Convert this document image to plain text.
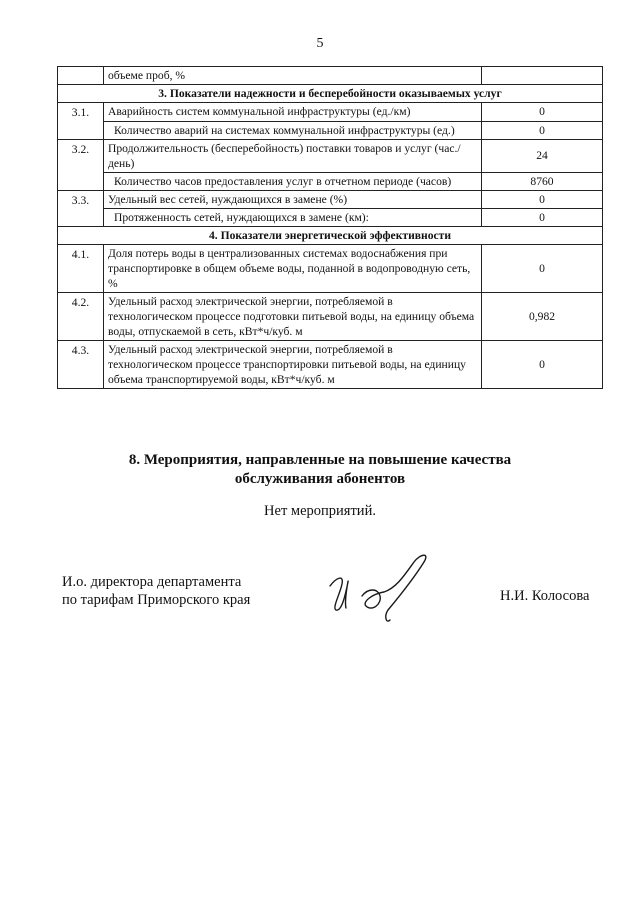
5
	объеме проб, %	
3. Показатели надежности и бесперебойности оказываемых услуг		
3.1.	Аварийность систем коммунальной инфраструктуры (ед./км)	0
	Количество аварий на системах коммунальной инфраструктуры (ед.)	0
3.2.	Продолжительность (бесперебойность) поставки товаров и услуг (час./день)	24
	Количество часов предоставления услуг в отчетном периоде (часов)	8760
3.3.	Удельный вес сетей, нуждающихся в замене (%)	0
	Протяженность сетей, нуждающихся в замене (км):	0
4. Показатели энергетической эффективности		
4.1.	Доля потерь воды в централизованных системах водоснабжения при транспортировке в общем объеме воды, поданной в водопроводную сеть, %	0
4.2.	Удельный расход электрической энергии, потребляемой в технологическом процессе подготовки питьевой воды, на единицу объема воды, отпускаемой в сеть, кВт*ч/куб. м	0,982
4.3.	Удельный расход электрической энергии, потребляемой в технологическом процессе транспортировки питьевой воды, на единицу объема транспортируемой воды, кВт*ч/куб. м	0
8. Мероприятия, направленные на повышение качества
обслуживания абонентов
Нет мероприятий.
И.о. директора департамента
по тарифам Приморского края	Н.И. Колосова
